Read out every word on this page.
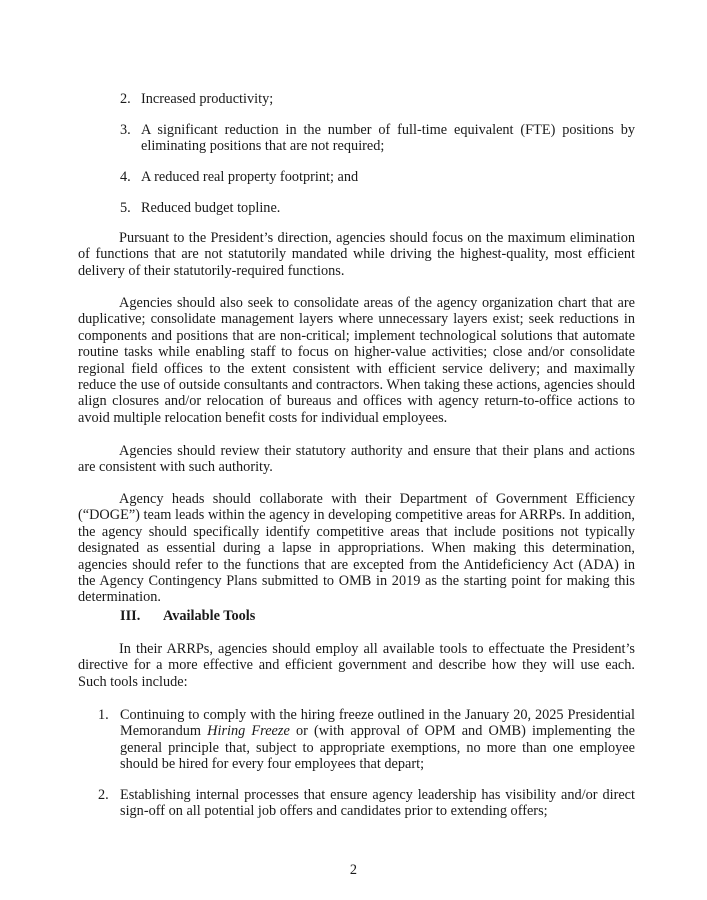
2. Increased productivity;
3. A significant reduction in the number of full-time equivalent (FTE) positions by eliminating positions that are not required;
4. A reduced real property footprint; and
5. Reduced budget topline.

Pursuant to the President’s direction, agencies should focus on the maximum elimination of functions that are not statutorily mandated while driving the highest-quality, most efficient delivery of their statutorily-required functions.

Agencies should also seek to consolidate areas of the agency organization chart that are duplicative; consolidate management layers where unnecessary layers exist; seek reductions in components and positions that are non-critical; implement technological solutions that automate routine tasks while enabling staff to focus on higher-value activities; close and/or consolidate regional field offices to the extent consistent with efficient service delivery; and maximally reduce the use of outside consultants and contractors. When taking these actions, agencies should align closures and/or relocation of bureaus and offices with agency return-to-office actions to avoid multiple relocation benefit costs for individual employees.

Agencies should review their statutory authority and ensure that their plans and actions are consistent with such authority.

Agency heads should collaborate with their Department of Government Efficiency (“DOGE”) team leads within the agency in developing competitive areas for ARRPs. In addition, the agency should specifically identify competitive areas that include positions not typically designated as essential during a lapse in appropriations. When making this determination, agencies should refer to the functions that are excepted from the Antideficiency Act (ADA) in the Agency Contingency Plans submitted to OMB in 2019 as the starting point for making this determination.

III. Available Tools

In their ARRPs, agencies should employ all available tools to effectuate the President’s directive for a more effective and efficient government and describe how they will use each. Such tools include:

1. Continuing to comply with the hiring freeze outlined in the January 20, 2025 Presidential Memorandum Hiring Freeze or (with approval of OPM and OMB) implementing the general principle that, subject to appropriate exemptions, no more than one employee should be hired for every four employees that depart;
2. Establishing internal processes that ensure agency leadership has visibility and/or direct sign-off on all potential job offers and candidates prior to extending offers;
2
